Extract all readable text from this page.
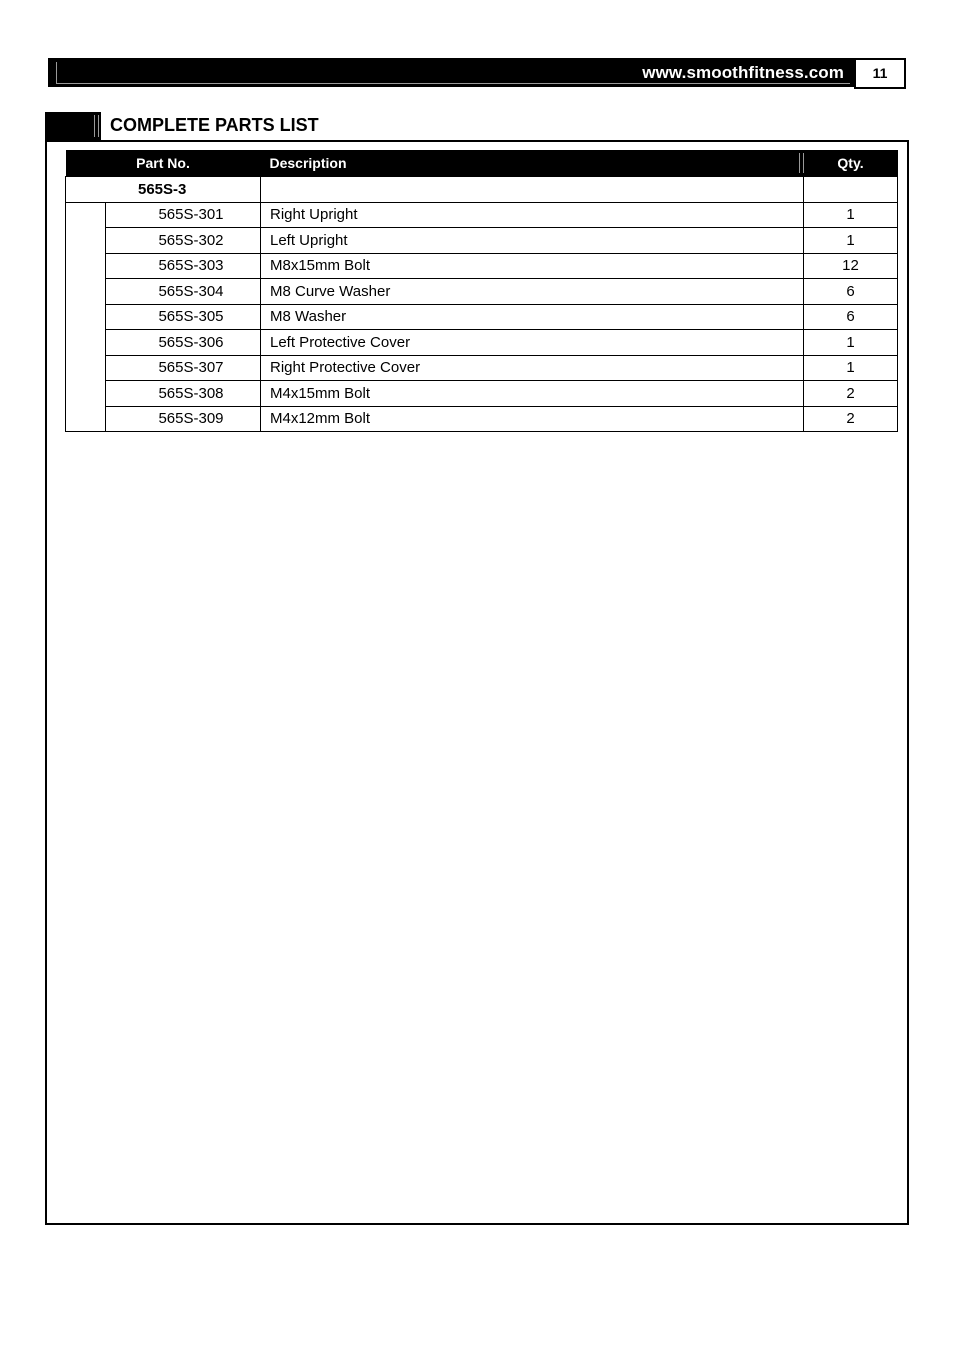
www.smoothfitness.com	11
COMPLETE PARTS LIST
Part No.		Description	Qty.
565S-3			
	565S-301	Right Upright	1
	565S-302	Left Upright	1
	565S-303	M8x15mm Bolt	12
	565S-304	M8 Curve Washer	6
	565S-305	M8 Washer	6
	565S-306	Left Protective Cover	1
	565S-307	Right Protective Cover	1
	565S-308	M4x15mm Bolt	2
	565S-309	M4x12mm Bolt	2
